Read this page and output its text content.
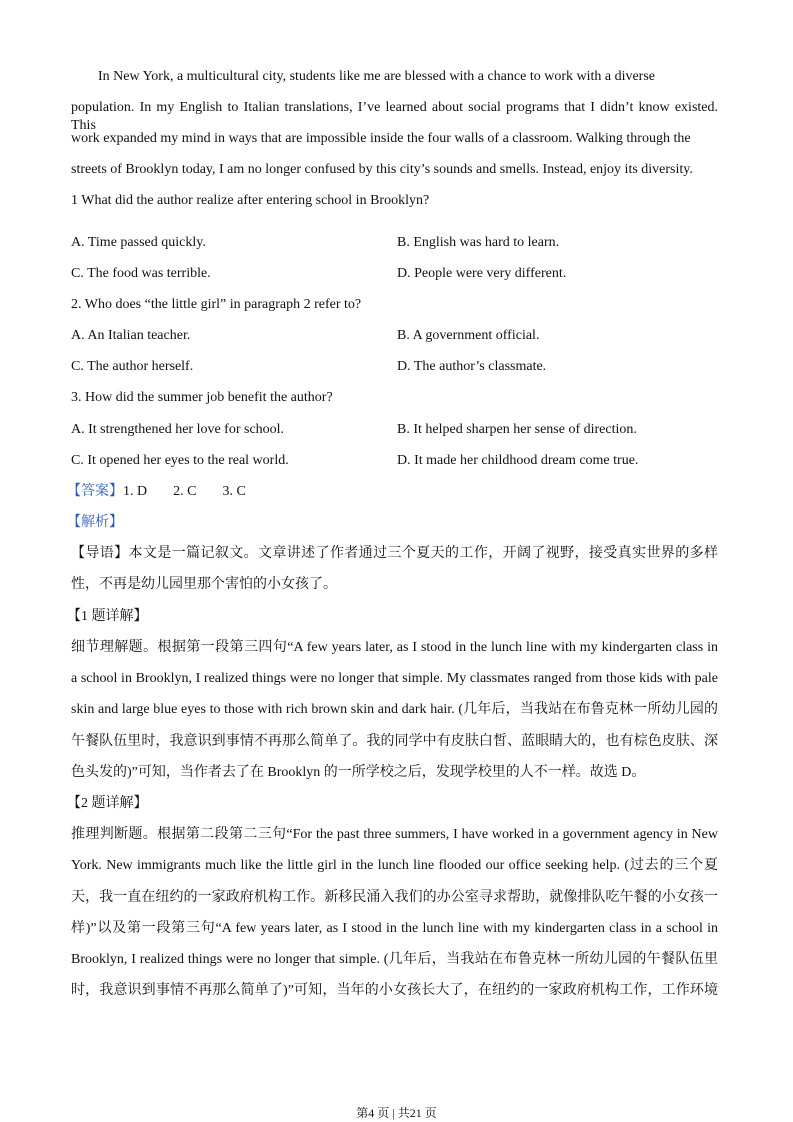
In New York, a multicultural city, students like me are blessed with a chance to work with a diverse
population. In my English to Italian translations, I’ve learned about social programs that I didn’t know existed. This
work expanded my mind in ways that are impossible inside the four walls of a classroom. Walking through the
streets of Brooklyn today, I am no longer confused by this city’s sounds and smells. Instead, enjoy its diversity.
1 What did the author realize after entering school in Brooklyn?
A. Time passed quickly.	B. English was hard to learn.
C. The food was terrible.	D. People were very different.
2. Who does “the little girl” in paragraph 2 refer to?
A. An Italian teacher.	B. A government official.
C. The author herself.	D. The author’s classmate.
3. How did the summer job benefit the author?
A. It strengthened her love for school.	B. It helped sharpen her sense of direction.
C. It opened her eyes to the real world.	D. It made her childhood dream come true.
【答案】1. D 2. C 3. C
【解析】
【导语】本文是一篇记叙文。文章讲述了作者通过三个夏天的工作，开阔了视野，接受真实世界的多样
性，不再是幼儿园里那个害怕的小女孩了。
【1 题详解】
细节理解题。根据第一段第三四句“A few years later, as I stood in the lunch line with my kindergarten class in
a school in Brooklyn, I realized things were no longer that simple. My classmates ranged from those kids with pale
skin and large blue eyes to those with rich brown skin and dark hair. (几年后，当我站在布鲁克林一所幼儿园的
午餐队伍里时，我意识到事情不再那么简单了。我的同学中有皮肤白皙、蓝眼睛大的，也有棕色皮肤、深
色头发的)”可知，当作者去了在 Brooklyn 的一所学校之后，发现学校里的人不一样。故选 D。
【2 题详解】
推理判断题。根据第二段第二三句“For the past three summers, I have worked in a government agency in New
York. New immigrants much like the little girl in the lunch line flooded our office seeking help. (过去的三个夏
天，我一直在纽约的一家政府机构工作。新移民涌入我们的办公室寻求帮助，就像排队吃午餐的小女孩一
样)”以及第一段第三句“A few years later, as I stood in the lunch line with my kindergarten class in a school in
Brooklyn, I realized things were no longer that simple. (几年后，当我站在布鲁克林一所幼儿园的午餐队伍里
时，我意识到事情不再那么简单了)”可知，当年的小女孩长大了，在纽约的一家政府机构工作，工作环境
第4 页 | 共21 页
